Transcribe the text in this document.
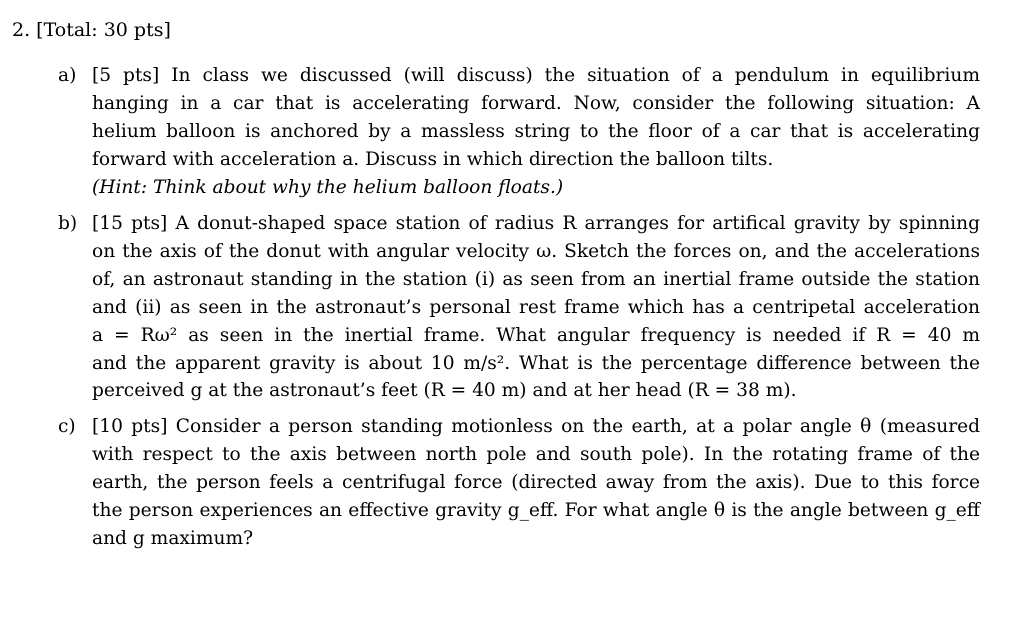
2. [Total: 30 pts]
a) [5 pts] In class we discussed (will discuss) the situation of a pendulum in equilibrium
hanging in a car that is accelerating forward. Now, consider the following situation: A
helium balloon is anchored by a massless string to the floor of a car that is accelerating
forward with acceleration a. Discuss in which direction the balloon tilts.
(Hint: Think about why the helium balloon floats.)
b) [15 pts] A donut-shaped space station of radius R arranges for artifical gravity by spinning
on the axis of the donut with angular velocity ω. Sketch the forces on, and the accelerations
of, an astronaut standing in the station (i) as seen from an inertial frame outside the station
and (ii) as seen in the astronaut’s personal rest frame which has a centripetal acceleration
a = Rω² as seen in the inertial frame. What angular frequency is needed if R = 40 m
and the apparent gravity is about 10 m/s². What is the percentage difference between the
perceived g at the astronaut’s feet (R = 40 m) and at her head (R = 38 m).
c) [10 pts] Consider a person standing motionless on the earth, at a polar angle θ (measured
with respect to the axis between north pole and south pole). In the rotating frame of the
earth, the person feels a centrifugal force (directed away from the axis). Due to this force
the person experiences an effective gravity g_eff. For what angle θ is the angle between g_eff
and g maximum?
